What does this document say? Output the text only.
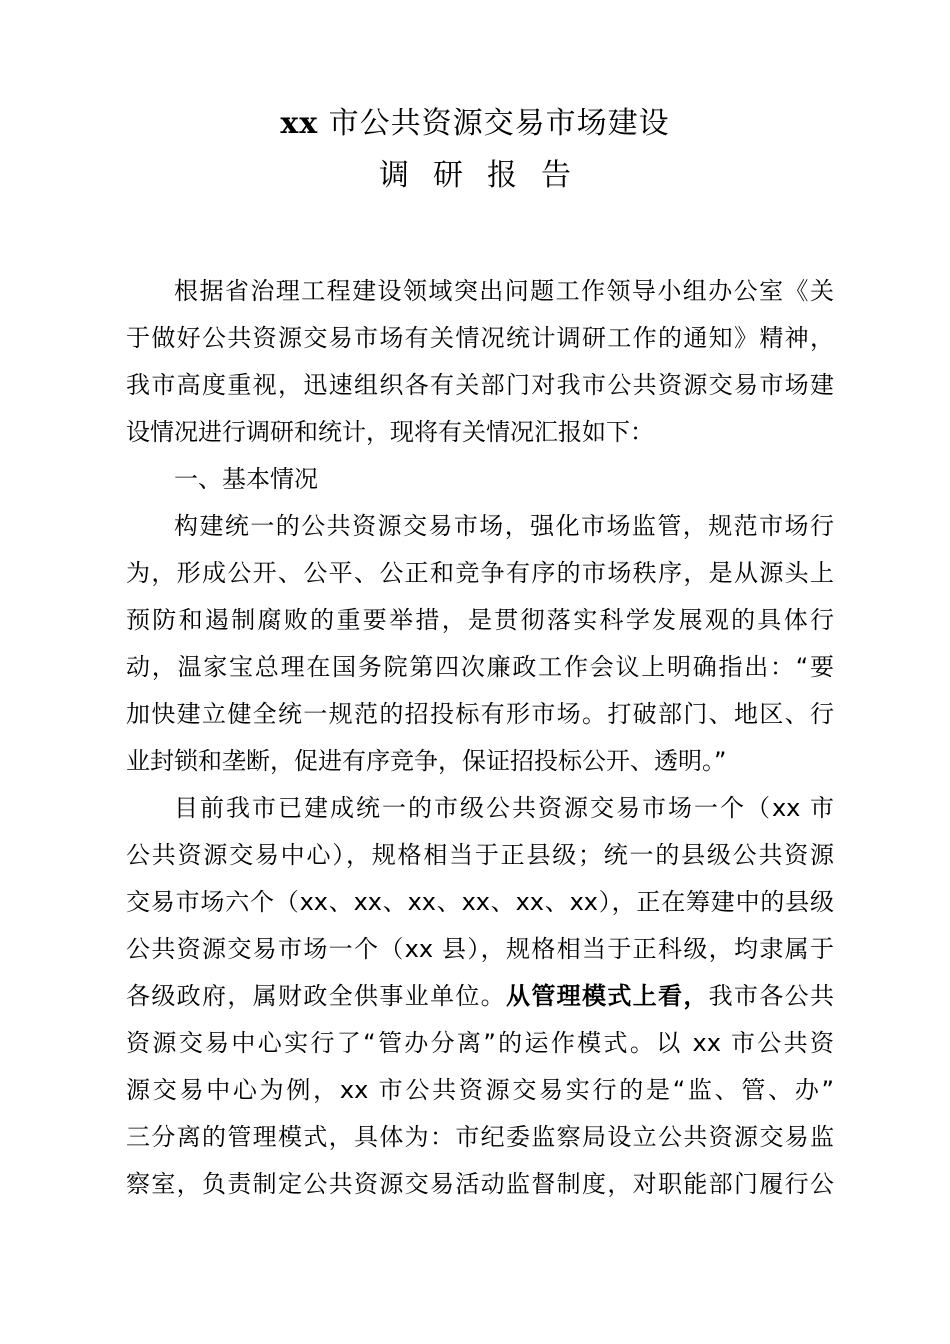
xx 市公共资源交易市场建设
调研报告
根据省治理工程建设领域突出问题工作领导小组办公室《关
于做好公共资源交易市场有关情况统计调研工作的通知》精神，
我市高度重视，迅速组织各有关部门对我市公共资源交易市场建
设情况进行调研和统计，现将有关情况汇报如下：
一、基本情况
构建统一的公共资源交易市场，强化市场监管，规范市场行
为，形成公开、公平、公正和竞争有序的市场秩序，是从源头上
预防和遏制腐败的重要举措，是贯彻落实科学发展观的具体行
动，温家宝总理在国务院第四次廉政工作会议上明确指出：“要
加快建立健全统一规范的招投标有形市场。打破部门、地区、行
业封锁和垄断，促进有序竞争，保证招投标公开、透明。”
目前我市已建成统一的市级公共资源交易市场一个（xx 市
公共资源交易中心），规格相当于正县级；统一的县级公共资源
交易市场六个（xx、xx、xx、xx、xx、xx），正在筹建中的县级
公共资源交易市场一个（xx 县），规格相当于正科级，均隶属于
各级政府，属财政全供事业单位。从管理模式上看，我市各公共
资源交易中心实行了“管办分离”的运作模式。以 xx 市公共资
源交易中心为例，xx 市公共资源交易实行的是“监、管、办”
三分离的管理模式，具体为：市纪委监察局设立公共资源交易监
察室，负责制定公共资源交易活动监督制度，对职能部门履行公
